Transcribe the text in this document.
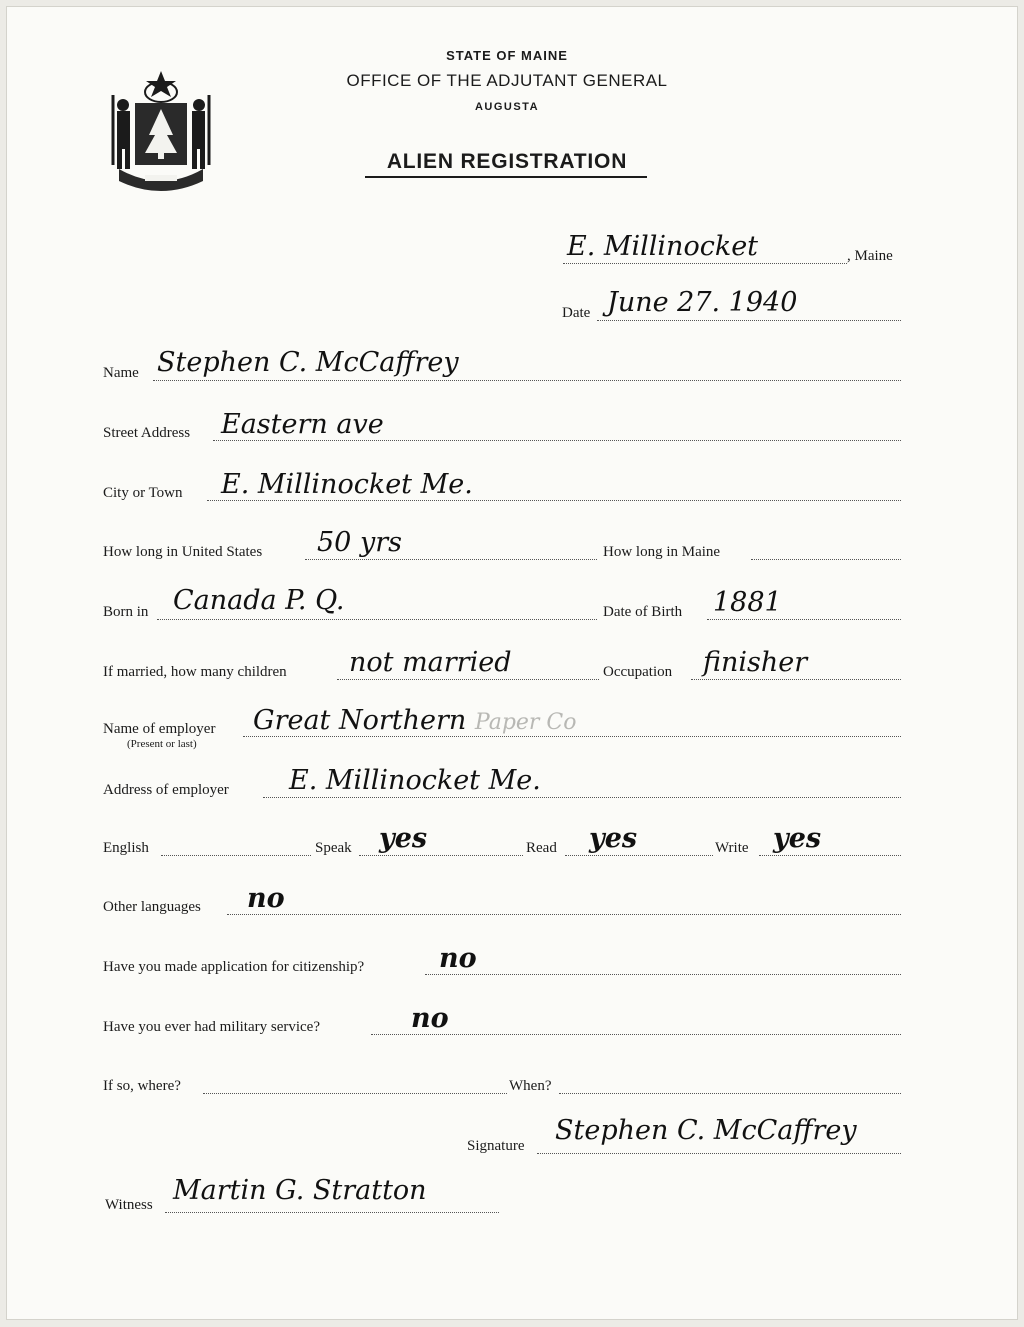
STATE OF MAINE
OFFICE OF THE ADJUTANT GENERAL
AUGUSTA
ALIEN REGISTRATION
E. Millinocket	, Maine
Date June 27. 1940
Name Stephen C. McCaffrey
Street Address Eastern ave
City or Town E. Millinocket Me.
How long in United States 50 yrs	How long in Maine
Born in Canada P. Q.	Date of Birth 1881
If married, how many children not married	Occupation finisher
Name of employer
(Present or last)
Great Northern Paper Co
Address of employer E. Millinocket Me.
English	Speak yes	Read yes	Write yes
Other languages no
Have you made application for citizenship?	no
Have you ever had military service?	no
If so, where?	When?
Signature Stephen C. McCaffrey
Witness Martin G. Stratton
